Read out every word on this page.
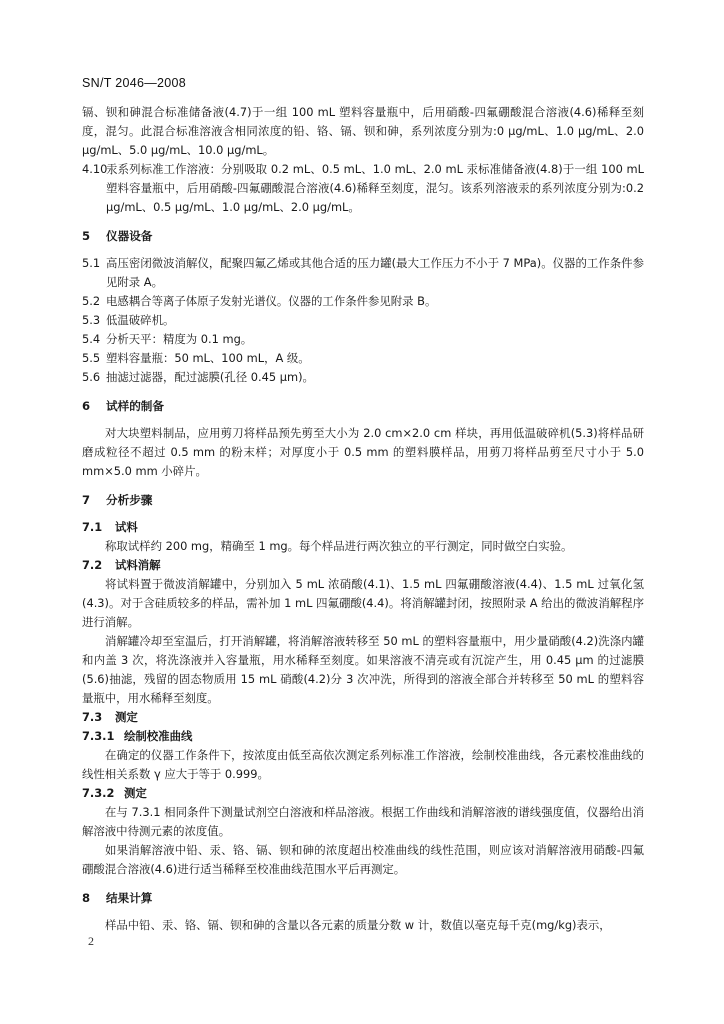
SN/T 2046—2008

镉、钡和砷混合标准储备液(4.7)于一组 100 mL 塑料容量瓶中，后用硝酸-四氟硼酸混合溶液(4.6)稀释至刻度，混匀。此混合标准溶液含相同浓度的铅、铬、镉、钡和砷，系列浓度分别为:0 μg/mL、1.0 μg/mL、2.0 μg/mL、5.0 μg/mL、10.0 μg/mL。

4.10汞系列标准工作溶液：分别吸取 0.2 mL、0.5 mL、1.0 mL、2.0 mL 汞标准储备液(4.8)于一组 100 mL 塑料容量瓶中，后用硝酸-四氟硼酸混合溶液(4.6)稀释至刻度，混匀。该系列溶液汞的系列浓度分别为:0.2 μg/mL、0.5 μg/mL、1.0 μg/mL、2.0 μg/mL。

5 仪器设备

5.1 高压密闭微波消解仪，配聚四氟乙烯或其他合适的压力罐(最大工作压力不小于 7 MPa)。仪器的工作条件参见附录 A。

5.2 电感耦合等离子体原子发射光谱仪。仪器的工作条件参见附录 B。

5.3 低温破碎机。

5.4 分析天平：精度为 0.1 mg。

5.5 塑料容量瓶：50 mL、100 mL，A 级。

5.6 抽滤过滤器，配过滤膜(孔径 0.45 μm)。

6 试样的制备

对大块塑料制品，应用剪刀将样品预先剪至大小为 2.0 cm×2.0 cm 样块，再用低温破碎机(5.3)将样品研磨成粒径不超过 0.5 mm 的粉末样；对厚度小于 0.5 mm 的塑料膜样品，用剪刀将样品剪至尺寸小于 5.0 mm×5.0 mm 小碎片。

7 分析步骤
7.1 试料

称取试样约 200 mg，精确至 1 mg。每个样品进行两次独立的平行测定，同时做空白实验。

7.2 试料消解

将试料置于微波消解罐中，分别加入 5 mL 浓硝酸(4.1)、1.5 mL 四氟硼酸溶液(4.4)、1.5 mL 过氧化氢(4.3)。对于含硅质较多的样品，需补加 1 mL 四氟硼酸(4.4)。将消解罐封闭，按照附录 A 给出的微波消解程序进行消解。

消解罐冷却至室温后，打开消解罐，将消解溶液转移至 50 mL 的塑料容量瓶中，用少量硝酸(4.2)洗涤内罐和内盖 3 次，将洗涤液并入容量瓶，用水稀释至刻度。如果溶液不清亮或有沉淀产生，用 0.45 μm 的过滤膜(5.6)抽滤，残留的固态物质用 15 mL 硝酸(4.2)分 3 次冲洗，所得到的溶液全部合并转移至 50 mL 的塑料容量瓶中，用水稀释至刻度。

7.3 测定
7.3.1 绘制校准曲线

在确定的仪器工作条件下，按浓度由低至高依次测定系列标准工作溶液，绘制校准曲线，各元素校准曲线的线性相关系数 γ 应大于等于 0.999。

7.3.2 测定

在与 7.3.1 相同条件下测量试剂空白溶液和样品溶液。根据工作曲线和消解溶液的谱线强度值，仪器给出消解溶液中待测元素的浓度值。

如果消解溶液中铅、汞、铬、镉、钡和砷的浓度超出校准曲线的线性范围，则应该对消解溶液用硝酸-四氟硼酸混合溶液(4.6)进行适当稀释至校准曲线范围水平后再测定。

8 结果计算

样品中铅、汞、铬、镉、钡和砷的含量以各元素的质量分数 w 计，数值以毫克每千克(mg/kg)表示，

2
